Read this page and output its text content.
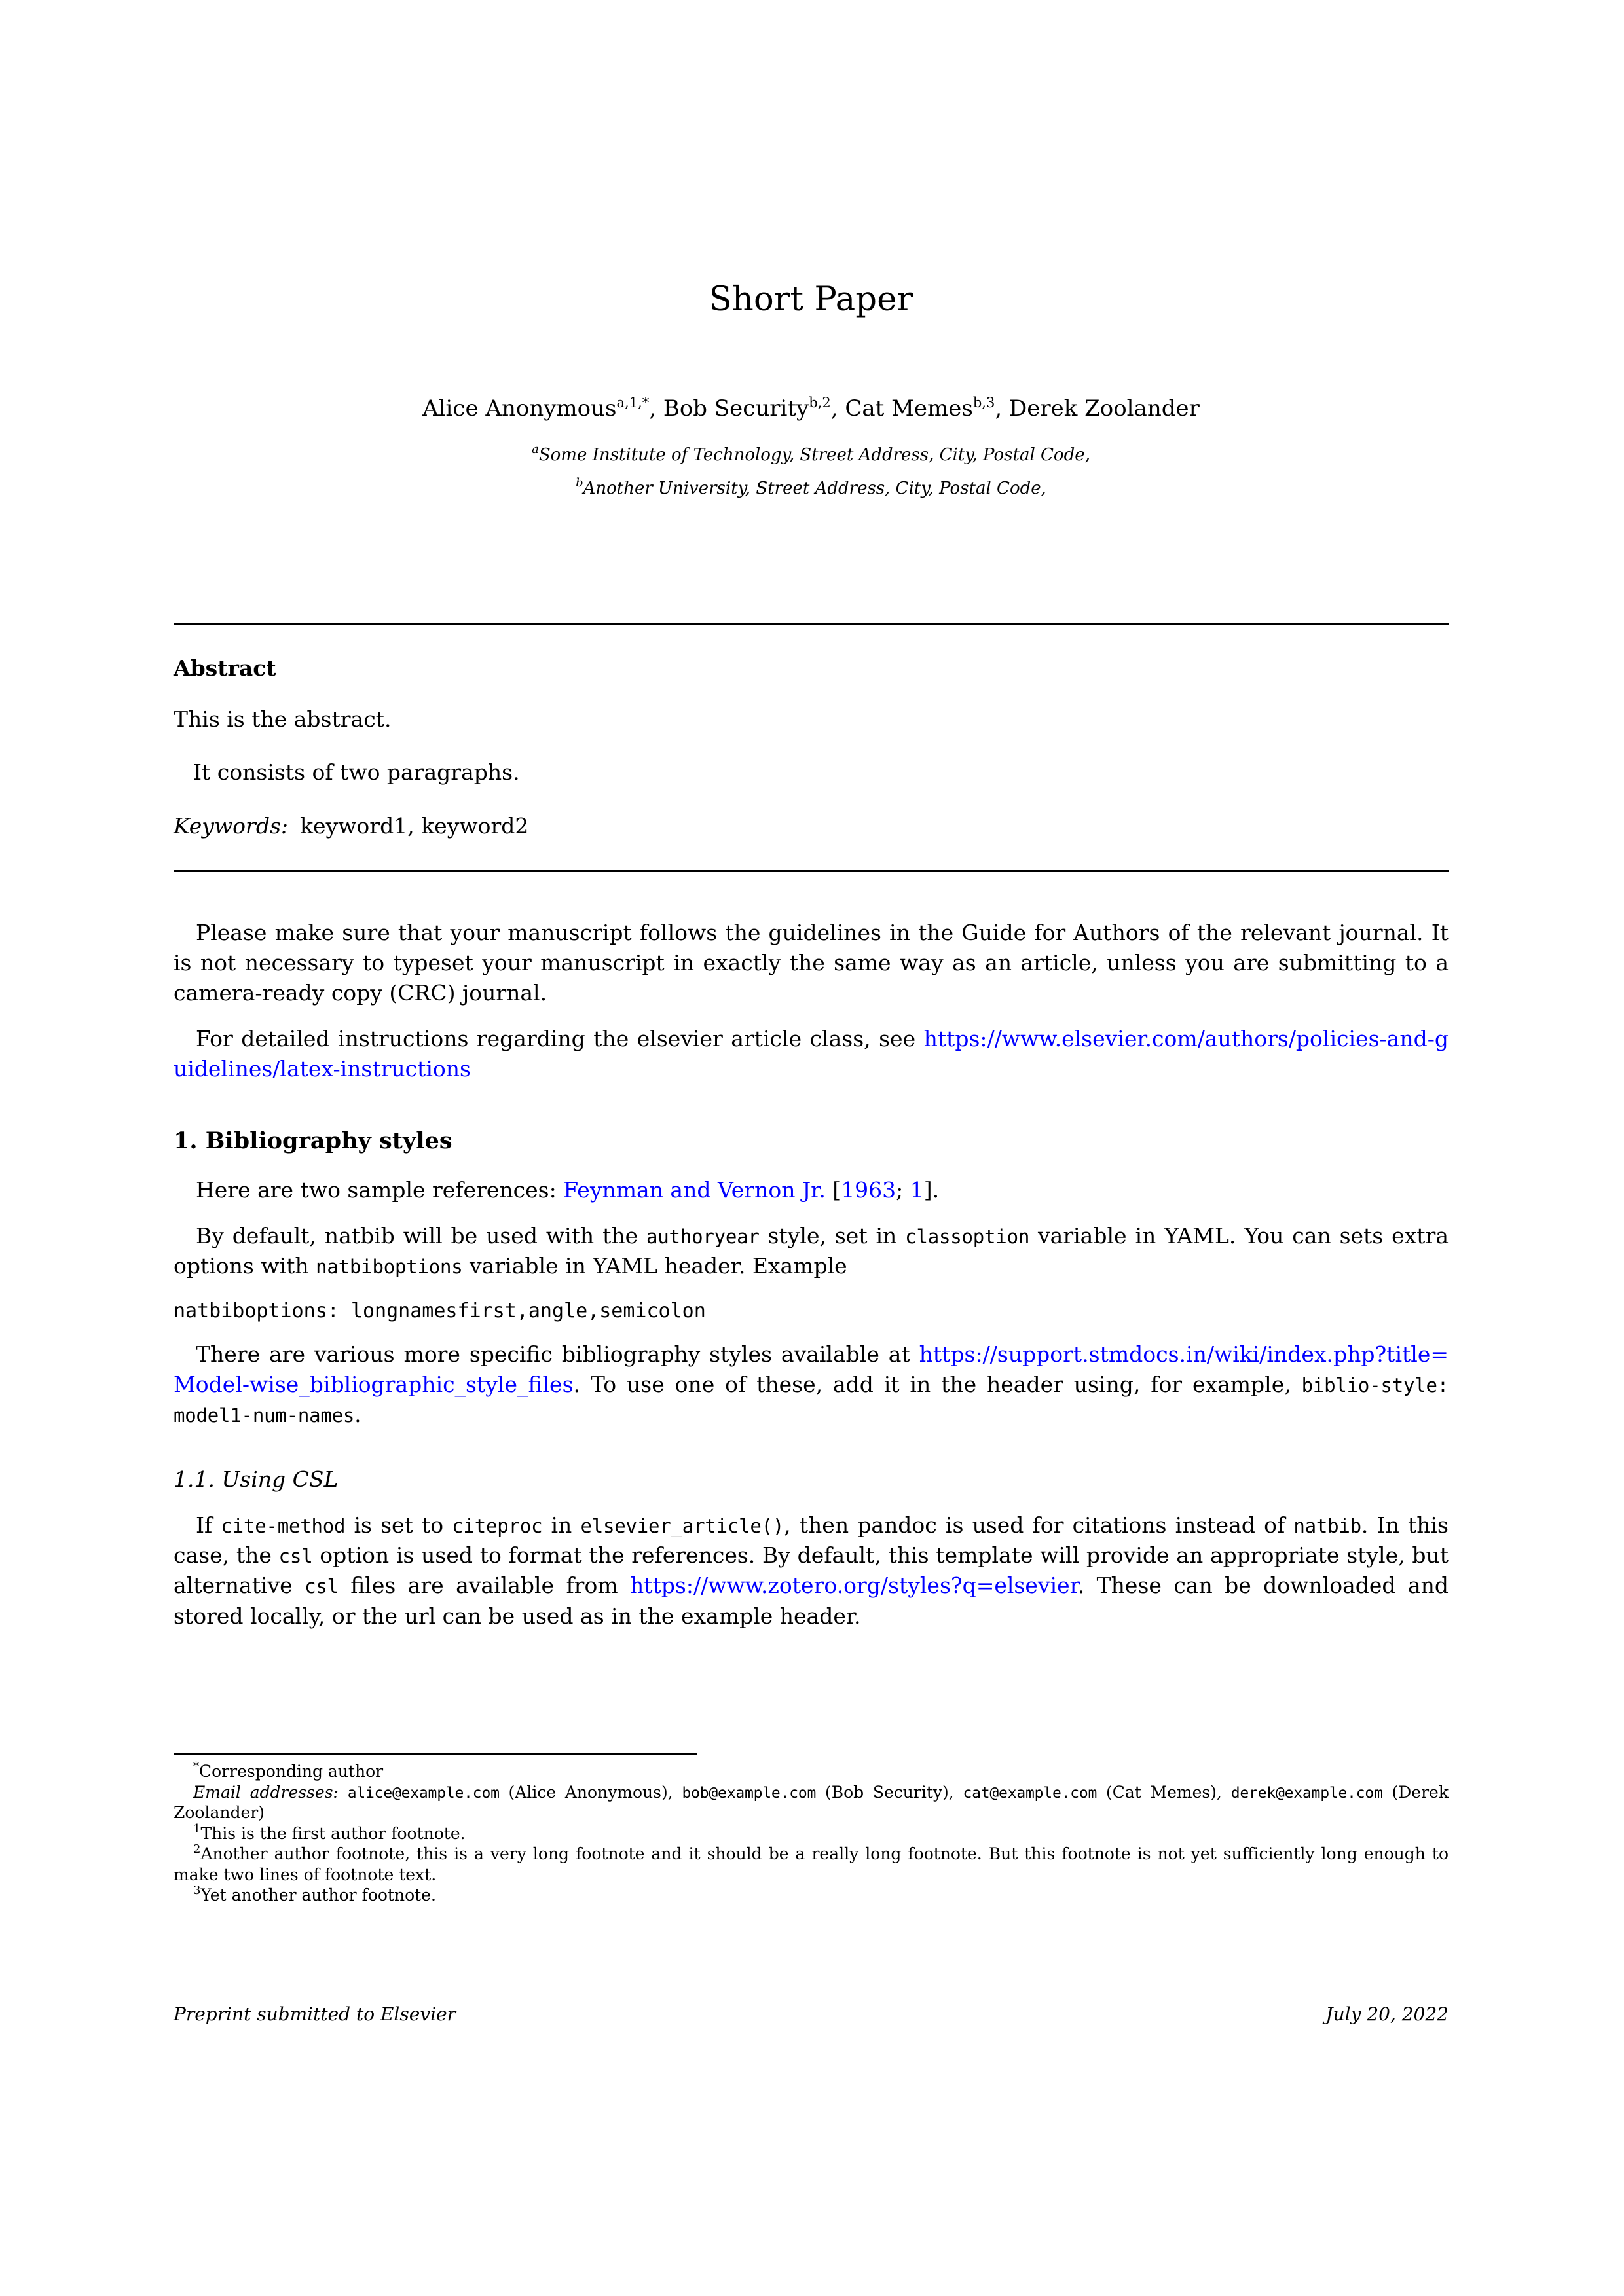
Short Paper
Alice Anonymous$^{a,1,*}$, Bob Security$^{b,2}$, Cat Memes$^{b,3}$, Derek Zoolander
$^a$Some Institute of Technology, Street Address, City, Postal Code,
$^b$Another University, Street Address, City, Postal Code,
Abstract
This is the abstract.
It consists of two paragraphs.
Keywords: keyword1, keyword2

Please make sure that your manuscript follows the guidelines in the Guide for Authors of the relevant journal. It is not necessary to typeset your manuscript in exactly the same way as an article, unless you are submitting to a camera-ready copy (CRC) journal.

For detailed instructions regarding the elsevier article class, see https://www.elsevier.com/authors/policies-and-guidelines/latex-instructions

1. Bibliography styles

Here are two sample references: Feynman and Vernon Jr. [1963; 1].

By default, natbib will be used with the authoryear style, set in classoption variable in YAML. You can sets extra options with natbiboptions variable in YAML header. Example

natbiboptions: longnamesfirst,angle,semicolon

There are various more specific bibliography styles available at https://support.stmdocs.in/wiki/index.php?title=Model-wise_bibliographic_style_files. To use one of these, add it in the header using, for example, biblio-style: model1-num-names.

1.1. Using CSL

If cite-method is set to citeproc in elsevier_article(), then pandoc is used for citations instead of natbib. In this case, the csl option is used to format the references. By default, this template will provide an appropriate style, but alternative csl files are available from https://www.zotero.org/styles?q=elsevier. These can be downloaded and stored locally, or the url can be used as in the example header.

*Corresponding author

Email addresses: alice@example.com (Alice Anonymous), bob@example.com (Bob Security), cat@example.com (Cat Memes), derek@example.com (Derek Zoolander)

$^1$This is the first author footnote.

$^2$Another author footnote, this is a very long footnote and it should be a really long footnote. But this footnote is not yet sufficiently long enough to make two lines of footnote text.

$^3$Yet another author footnote.

Preprint submitted to Elsevier	July 20, 2022
